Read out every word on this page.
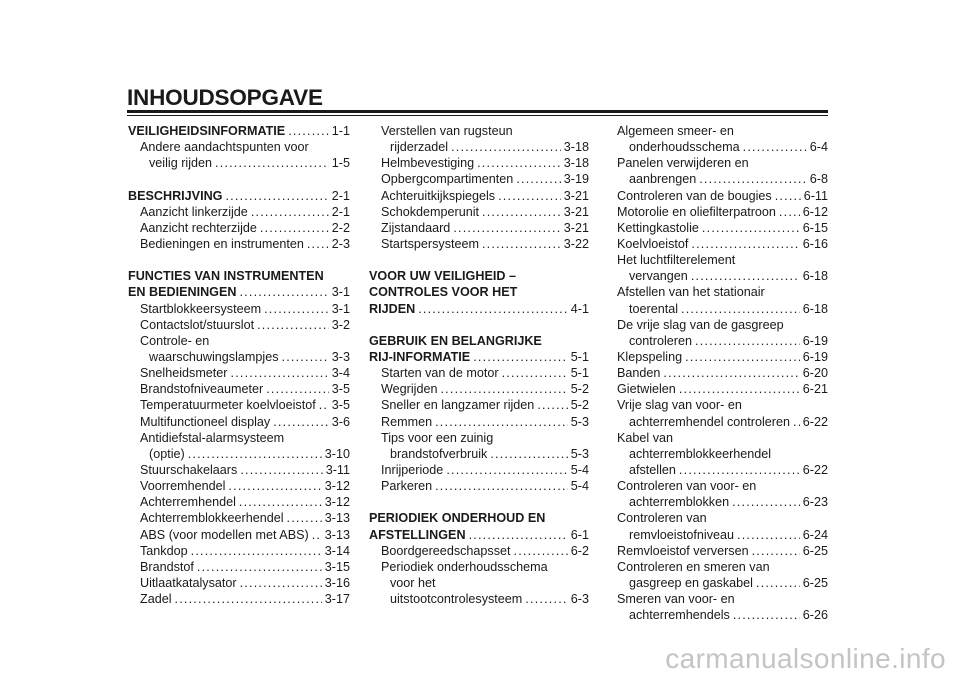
INHOUDSOPGAVE
VEILIGHEIDSINFORMATIE .....	1-1
Andere aandachtspunten voor
veilig rijden .....	1-5
BESCHRIJVING .....	2-1
Aanzicht linkerzijde .....	2-1
Aanzicht rechterzijde .....	2-2
Bedieningen en instrumenten ..... 2-3
FUNCTIES VAN INSTRUMENTEN
EN BEDIENINGEN .....	3-1
Startblokkeersysteem .....	3-1
Contactslot/stuurslot .....	3-2
Controle- en
waarschuwingslampjes .....	3-3
Snelheidsmeter .....	3-4
Brandstofniveaumeter .....	3-5
Temperatuurmeter koelvloeistof ..... 3-5
Multifunctioneel display .....	3-6
Antidiefstal-alarmsysteem
(optie) .....	3-10
Stuurschakelaars .....	3-11
Voorremhendel .....	3-12
Achterremhendel .....	3-12
Achterremblokkeerhendel .....	3-13
ABS (voor modellen met ABS) ..... 3-13
Tankdop .....	3-14
Brandstof .....	3-15
Uitlaatkatalysator .....	3-16
Zadel .....	3-17
Verstellen van rugsteun
rijderzadel .....	3-18
Helmbevestiging .....	3-18
Opbergcompartimenten .....	3-19
Achteruitkijkspiegels .....	3-21
Schokdemperunit .....	3-21
Zijstandaard .....	3-21
Startspersysteem .....	3-22
VOOR UW VEILIGHEID –
CONTROLES VOOR HET
RIJDEN .....	4-1
GEBRUIK EN BELANGRIJKE
RIJ-INFORMATIE .....	5-1
Starten van de motor .....	5-1
Wegrijden .....	5-2
Sneller en langzamer rijden .....	5-2
Remmen .....	5-3
Tips voor een zuinig
brandstofverbruik .....	5-3
Inrijperiode .....	5-4
Parkeren .....	5-4
PERIODIEK ONDERHOUD EN
AFSTELLINGEN .....	6-1
Boordgereedschapsset .....	6-2
Periodiek onderhoudsschema
voor het
uitstootcontrolesysteem .....	6-3
Algemeen smeer- en
onderhoudsschema .....	6-4
Panelen verwijderen en
aanbrengen .....	6-8
Controleren van de bougies .....	6-11
Motorolie en oliefilterpatroon ..... 6-12
Kettingkastolie .....	6-15
Koelvloeistof .....	6-16
Het luchtfilterelement
vervangen .....	6-18
Afstellen van het stationair
toerental .....	6-18
De vrije slag van de gasgreep
controleren .....	6-19
Klepspeling .....	6-19
Banden .....	6-20
Gietwielen .....	6-21
Vrije slag van voor- en
achterremhendel controleren ..... 6-22
Kabel van
achterremblokkeerhendel
afstellen .....	6-22
Controleren van voor- en
achterremblokken .....	6-23
Controleren van
remvloeistofniveau .....	6-24
Remvloeistof verversen .....	6-25
Controleren en smeren van
gasgreep en gaskabel .....	6-25
Smeren van voor- en
achterremhendels .....	6-26
carmanualsonline.info
